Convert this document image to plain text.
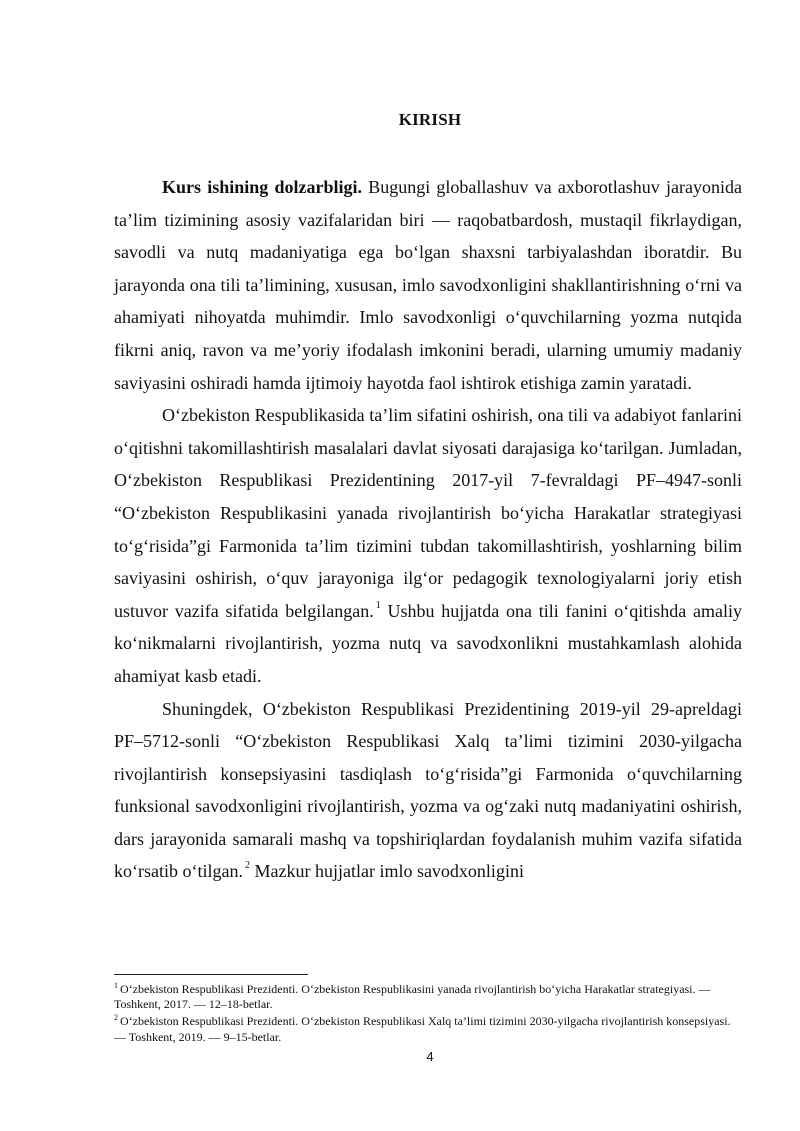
KIRISH

Kurs ishining dolzarbligi. Bugungi globallashuv va axborotlashuv jarayonida ta’lim tizimining asosiy vazifalaridan biri — raqobatbardosh, mustaqil fikrlaydigan, savodli va nutq madaniyatiga ega bo‘lgan shaxsni tarbiyalashdan iboratdir. Bu jarayonda ona tili ta’limining, xususan, imlo savodxonligini shakllantirishning o‘rni va ahamiyati nihoyatda muhimdir. Imlo savodxonligi o‘quvchilarning yozma nutqida fikrni aniq, ravon va me’yoriy ifodalash imkonini beradi, ularning umumiy madaniy saviyasini oshiradi hamda ijtimoiy hayotda faol ishtirok etishiga zamin yaratadi.

O‘zbekiston Respublikasida ta’lim sifatini oshirish, ona tili va adabiyot fanlarini o‘qitishni takomillashtirish masalalari davlat siyosati darajasiga ko‘tarilgan. Jumladan, O‘zbekiston Respublikasi Prezidentining 2017-yil 7-fevraldagi PF–4947-sonli “O‘zbekiston Respublikasini yanada rivojlantirish bo‘yicha Harakatlar strategiyasi to‘g‘risida”gi Farmonida ta’lim tizimini tubdan takomillashtirish, yoshlarning bilim saviyasini oshirish, o‘quv jarayoniga ilg‘or pedagogik texnologiyalarni joriy etish ustuvor vazifa sifatida belgilangan. $^1$ Ushbu hujjatda ona tili fanini o‘qitishda amaliy ko‘nikmalarni rivojlantirish, yozma nutq va savodxonlikni mustahkamlash alohida ahamiyat kasb etadi.

Shuningdek, O‘zbekiston Respublikasi Prezidentining 2019-yil 29-apreldagi PF–5712-sonli “O‘zbekiston Respublikasi Xalq ta’limi tizimini 2030-yilgacha rivojlantirish konsepsiyasini tasdiqlash to‘g‘risida”gi Farmonida o‘quvchilarning funksional savodxonligini rivojlantirish, yozma va og‘zaki nutq madaniyatini oshirish, dars jarayonida samarali mashq va topshiriqlardan foydalanish muhim vazifa sifatida ko‘rsatib o‘tilgan. $^2$ Mazkur hujjatlar imlo savodxonligini

$^1$ O‘zbekiston Respublikasi Prezidenti. O‘zbekiston Respublikasini yanada rivojlantirish bo‘yicha Harakatlar strategiyasi. — Toshkent, 2017. — 12–18-betlar.

$^2$ O‘zbekiston Respublikasi Prezidenti. O‘zbekiston Respublikasi Xalq ta’limi tizimini 2030-yilgacha rivojlantirish konsepsiyasi. — Toshkent, 2019. — 9–15-betlar.

4
